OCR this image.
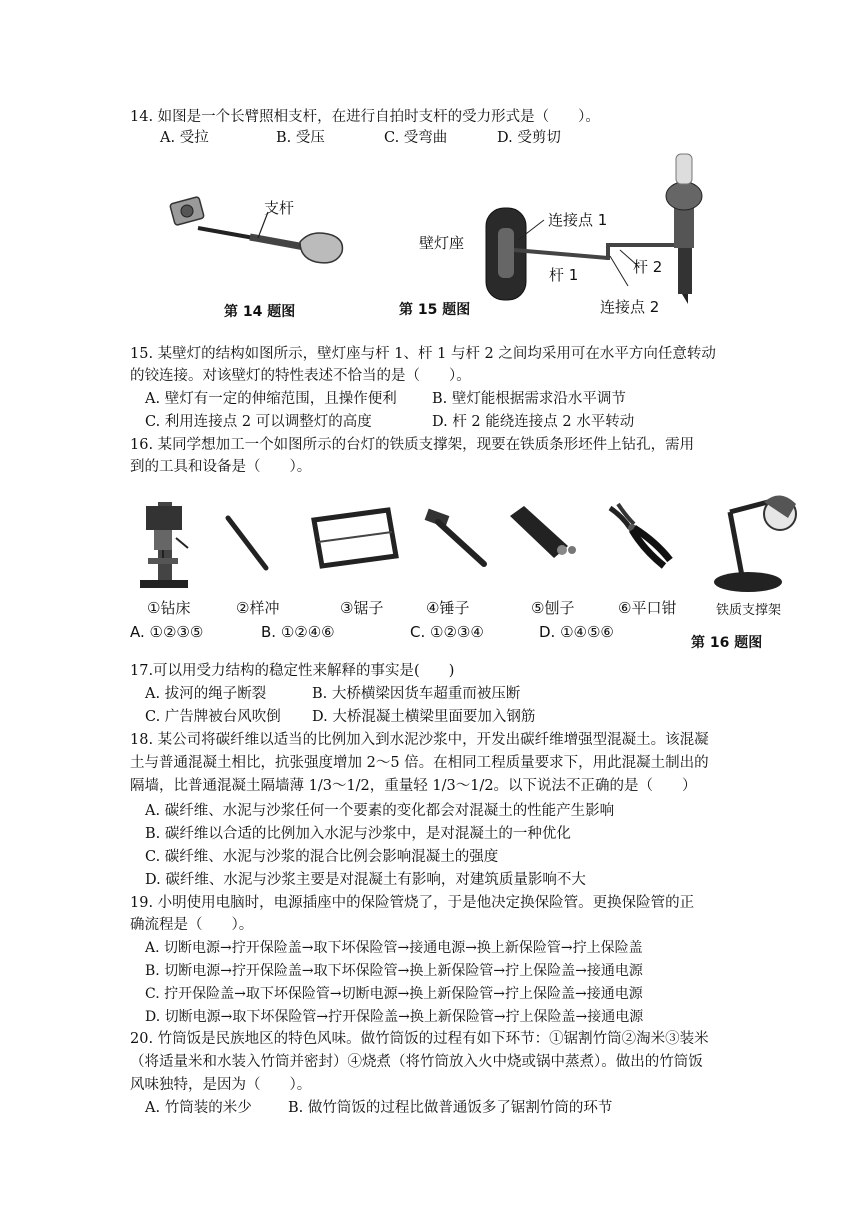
14. 如图是一个长臂照相支杆，在进行自拍时支杆的受力形式是（　　）。
A. 受拉	B. 受压	C. 受弯曲	D. 受剪切
支杆
第 14 题图
壁灯座
连接点 1
杆 1	杆 2
连接点 2
第 15 题图
15. 某壁灯的结构如图所示，壁灯座与杆 1、杆 1 与杆 2 之间均采用可在水平方向任意转动
的铰连接。对该壁灯的特性表述不恰当的是（　　）。
A. 壁灯有一定的伸缩范围，且操作便利 B. 壁灯能根据需求沿水平调节
C. 利用连接点 2 可以调整灯的高度	D. 杆 2 能绕连接点 2 水平转动
16. 某同学想加工一个如图所示的台灯的铁质支撑架，现要在铁质条形坯件上钻孔，需用
到的工具和设备是（　　）。
①钻床	②样冲	③锯子	④锤子	⑤刨子	⑥平口钳	铁质支撑架
A. ①②③⑤	B. ①②④⑥	C. ①②③④	D. ①④⑤⑥
第 16 题图
17.可以用受力结构的稳定性来解释的事实是(　　)
A. 拔河的绳子断裂	B. 大桥横梁因货车超重而被压断
C. 广告牌被台风吹倒 D. 大桥混凝土横梁里面要加入钢筋
18. 某公司将碳纤维以适当的比例加入到水泥沙浆中，开发出碳纤维增强型混凝土。该混凝
土与普通混凝土相比，抗张强度增加 2～5 倍。在相同工程质量要求下，用此混凝土制出的
隔墙，比普通混凝土隔墙薄 1/3～1/2，重量轻 1/3～1/2。以下说法不正确的是（　　）
A. 碳纤维、水泥与沙浆任何一个要素的变化都会对混凝土的性能产生影响
B. 碳纤维以合适的比例加入水泥与沙浆中，是对混凝土的一种优化
C. 碳纤维、水泥与沙浆的混合比例会影响混凝土的强度
D. 碳纤维、水泥与沙浆主要是对混凝土有影响，对建筑质量影响不大
19. 小明使用电脑时，电源插座中的保险管烧了，于是他决定换保险管。更换保险管的正
确流程是（　　）。
A. 切断电源→拧开保险盖→取下坏保险管→接通电源→换上新保险管→拧上保险盖
B. 切断电源→拧开保险盖→取下坏保险管→换上新保险管→拧上保险盖→接通电源
C. 拧开保险盖→取下坏保险管→切断电源→换上新保险管→拧上保险盖→接通电源
D. 切断电源→取下坏保险管→拧开保险盖→换上新保险管→拧上保险盖→接通电源
20. 竹筒饭是民族地区的特色风味。做竹筒饭的过程有如下环节：①锯割竹筒②淘米③装米
（将适量米和水装入竹筒并密封）④烧煮（将竹筒放入火中烧或锅中蒸煮）。做出的竹筒饭
风味独特，是因为（　　）。
A. 竹筒装的米少	B. 做竹筒饭的过程比做普通饭多了锯割竹筒的环节
